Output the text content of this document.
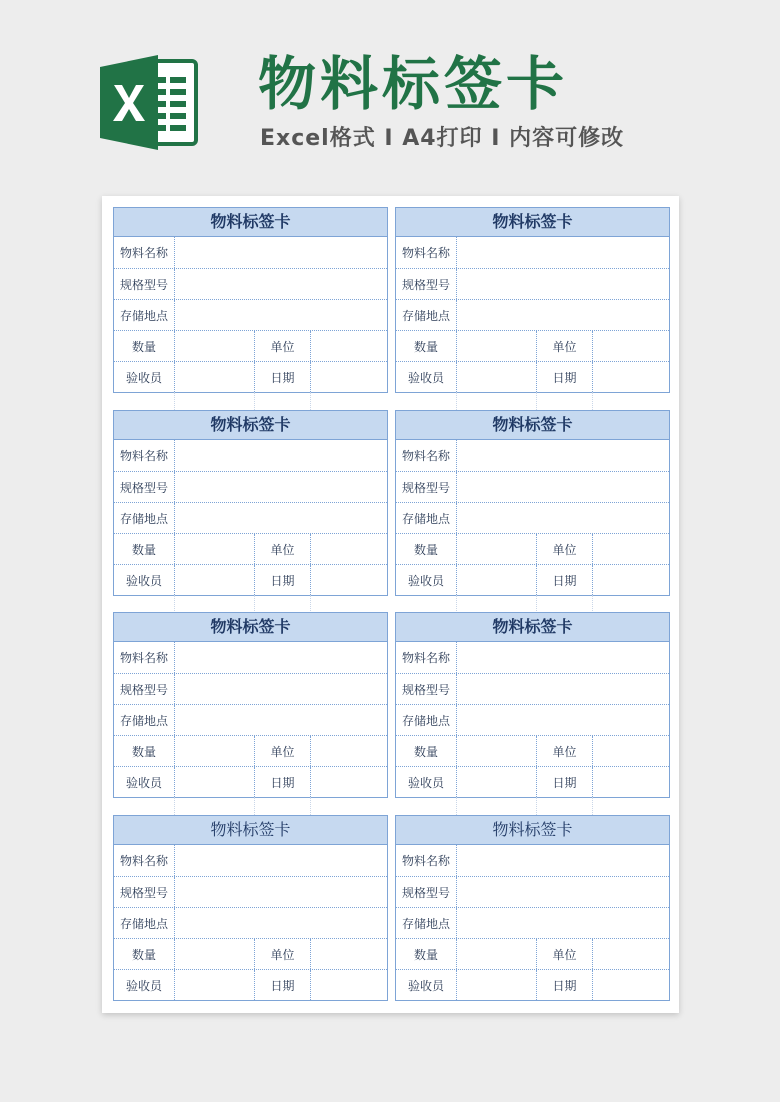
物料标签卡

Excel格式 I A4打印 I 内容可修改

物料标签卡
物料名称
规格型号
存储地点
数量	单位
验收员	日期
物料标签卡
物料名称
规格型号
存储地点
数量	单位
验收员	日期
物料标签卡
物料名称
规格型号
存储地点
数量	单位
验收员	日期
物料标签卡
物料名称
规格型号
存储地点
数量	单位
验收员	日期
物料标签卡
物料名称
规格型号
存储地点
数量	单位
验收员	日期
物料标签卡
物料名称
规格型号
存储地点
数量	单位
验收员	日期
物料标签卡
物料名称
规格型号
存储地点
数量	单位
验收员	日期
物料标签卡
物料名称
规格型号
存储地点
数量	单位
验收员	日期
